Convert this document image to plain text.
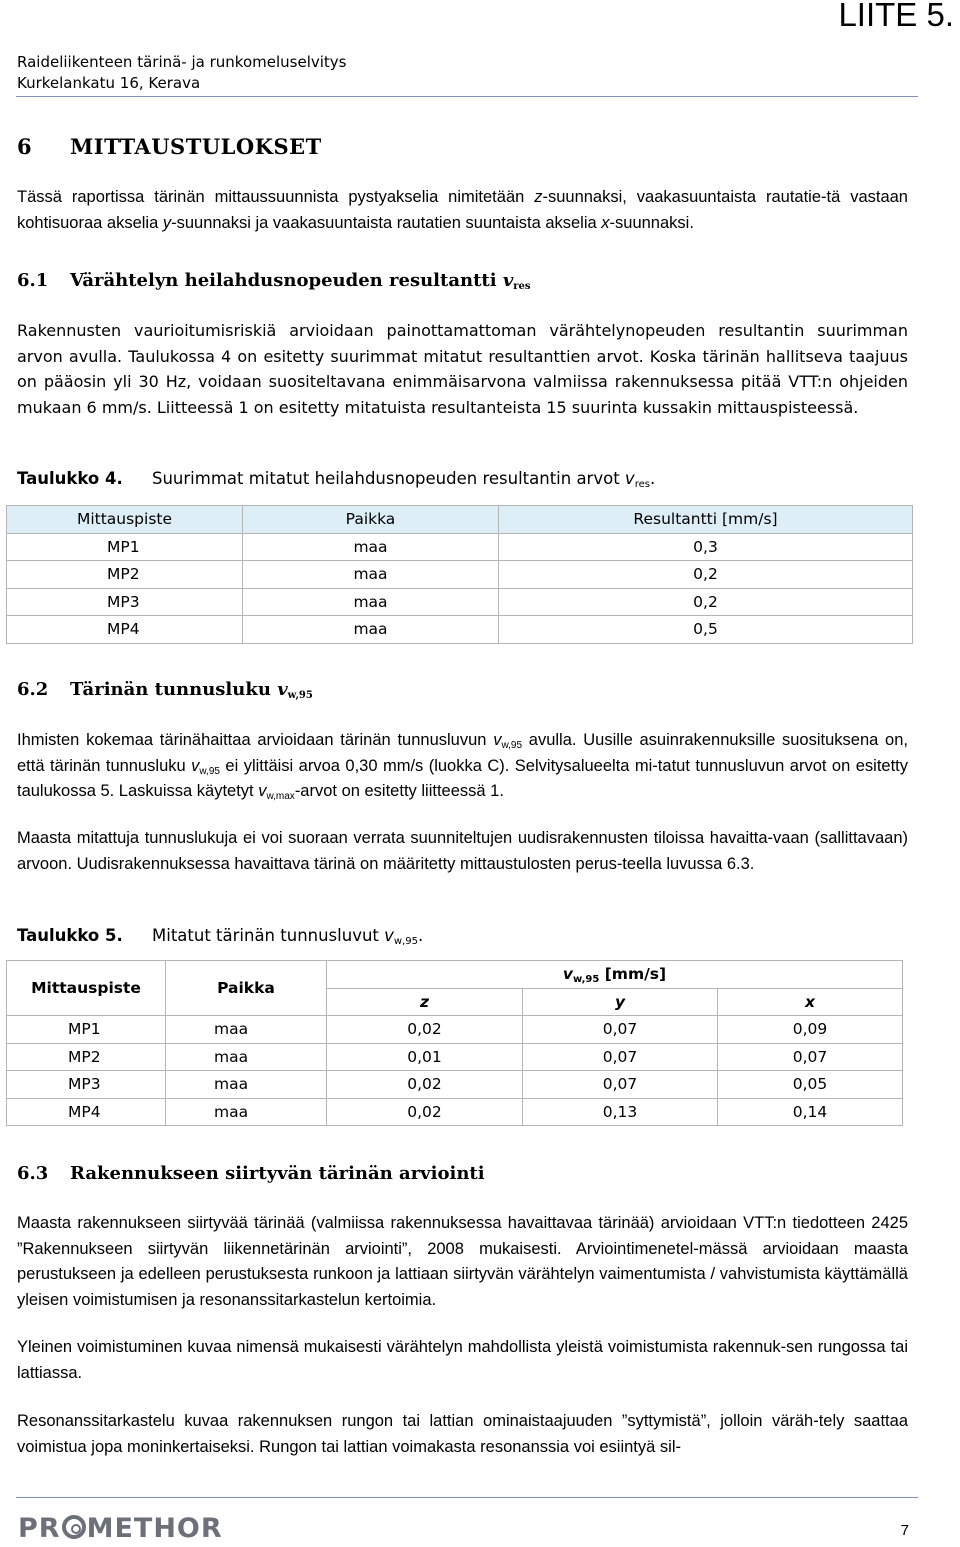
LIITE 5.
Raideliikenteen tärinä- ja runkomeluselvitys
Kurkelankatu 16, Kerava
6 MITTAUSTULOKSET
Tässä raportissa tärinän mittaussuunnista pystyakselia nimitetään z-suunnaksi, vaakasuuntaista rautatie-tä vastaan kohtisuoraa akselia y-suunnaksi ja vaakasuuntaista rautatien suuntaista akselia x-suunnaksi.
6.1 Värähtelyn heilahdusnopeuden resultantti $v_{res}$
Rakennusten vaurioitumisriskiä arvioidaan painottamattoman värähtelynopeuden resultantin suurimman arvon avulla. Taulukossa 4 on esitetty suurimmat mitatut resultanttien arvot. Koska tärinän hallitseva taajuus on pääosin yli 30 Hz, voidaan suositeltavana enimmäisarvona valmiissa rakennuksessa pitää VTT:n ohjeiden mukaan 6 mm/s. Liitteessä 1 on esitetty mitatuista resultanteista 15 suurinta kussakin mittauspisteessä.
Taulukko 4. Suurimmat mitatut heilahdusnopeuden resultantin arvot $v_{res}$.
Mittauspiste	Paikka	Resultantti [mm/s]
MP1	maa	0,3
MP2	maa	0,2
MP3	maa	0,2
MP4	maa	0,5
6.2 Tärinän tunnusluku $v_{w,95}$
Ihmisten kokemaa tärinähaittaa arvioidaan tärinän tunnusluvun $v_{w,95}$ avulla. Uusille asuinrakennuksille suosituksena on, että tärinän tunnusluku $v_{w,95}$ ei ylittäisi arvoa 0,30 mm/s (luokka C). Selvitysalueelta mi-tatut tunnusluvun arvot on esitetty taulukossa 5. Laskuissa käytetyt $v_{w,max}$-arvot on esitetty liitteessä 1.
Maasta mitattuja tunnuslukuja ei voi suoraan verrata suunniteltujen uudisrakennusten tiloissa havaitta-vaan (sallittavaan) arvoon. Uudisrakennuksessa havaittava tärinä on määritetty mittaustulosten perus-teella luvussa 6.3.
Taulukko 5. Mitatut tärinän tunnusluvut $v_{w,95}$.
Mittauspiste	Paikka	$v_{w,95}$ [mm/s]		
		z	y	x
MP1	maa	0,02	0,07	0,09
MP2	maa	0,01	0,07	0,07
MP3	maa	0,02	0,07	0,05
MP4	maa	0,02	0,13	0,14
6.3 Rakennukseen siirtyvän tärinän arviointi
Maasta rakennukseen siirtyvää tärinää (valmiissa rakennuksessa havaittavaa tärinää) arvioidaan VTT:n tiedotteen 2425 ”Rakennukseen siirtyvän liikennetärinän arviointi”, 2008 mukaisesti. Arviointimenetel-mässä arvioidaan maasta perustukseen ja edelleen perustuksesta runkoon ja lattiaan siirtyvän värähtelyn vaimentumista / vahvistumista käyttämällä yleisen voimistumisen ja resonanssitarkastelun kertoimia.
Yleinen voimistuminen kuvaa nimensä mukaisesti värähtelyn mahdollista yleistä voimistumista rakennuk-sen rungossa tai lattiassa.
Resonanssitarkastelu kuvaa rakennuksen rungon tai lattian ominaistaajuuden ”syttymistä”, jolloin väräh-tely saattaa voimistua jopa moninkertaiseksi. Rungon tai lattian voimakasta resonanssia voi esiintyä sil-
PR METHOR	7
